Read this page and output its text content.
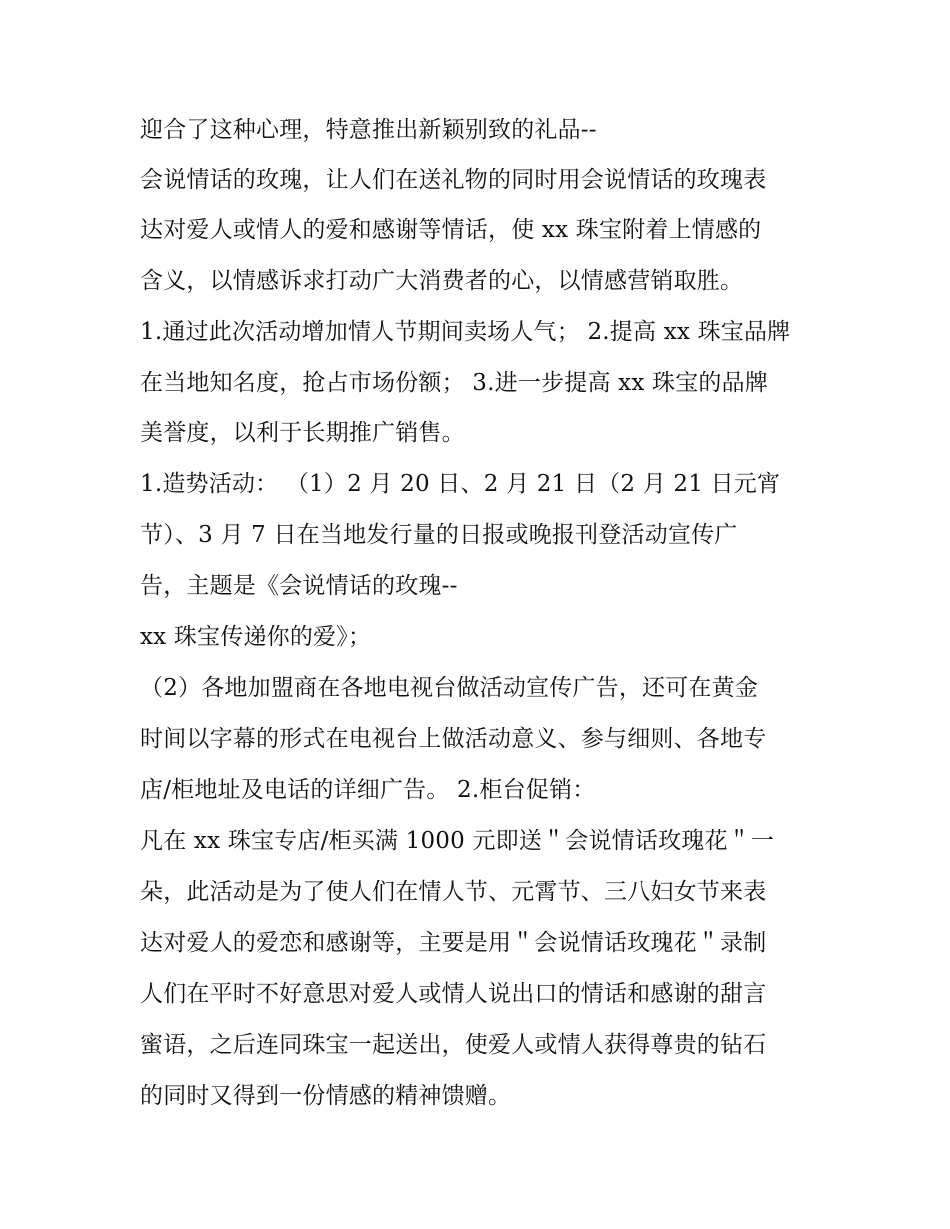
迎合了这种心理，特意推出新颖别致的礼品--
会说情话的玫瑰，让人们在送礼物的同时用会说情话的玫瑰表
达对爱人或情人的爱和感谢等情话，使 xx 珠宝附着上情感的
含义，以情感诉求打动广大消费者的心，以情感营销取胜。
1.通过此次活动增加情人节期间卖场人气； 2.提高 xx 珠宝品牌
在当地知名度，抢占市场份额； 3.进一步提高 xx 珠宝的品牌
美誉度，以利于长期推广销售。
1.造势活动： （1）2 月 20 日、2 月 21 日（2 月 21 日元宵
节）、3 月 7 日在当地发行量的日报或晚报刊登活动宣传广
告，主题是《会说情话的玫瑰--
xx 珠宝传递你的爱》；
（2）各地加盟商在各地电视台做活动宣传广告，还可在黄金
时间以字幕的形式在电视台上做活动意义、参与细则、各地专
店/柜地址及电话的详细广告。 2.柜台促销：
凡在 xx 珠宝专店/柜买满 1000 元即送＂会说情话玫瑰花＂一
朵，此活动是为了使人们在情人节、元霄节、三八妇女节来表
达对爱人的爱恋和感谢等，主要是用＂会说情话玫瑰花＂录制
人们在平时不好意思对爱人或情人说出口的情话和感谢的甜言
蜜语，之后连同珠宝一起送出，使爱人或情人获得尊贵的钻石
的同时又得到一份情感的精神馈赠。
